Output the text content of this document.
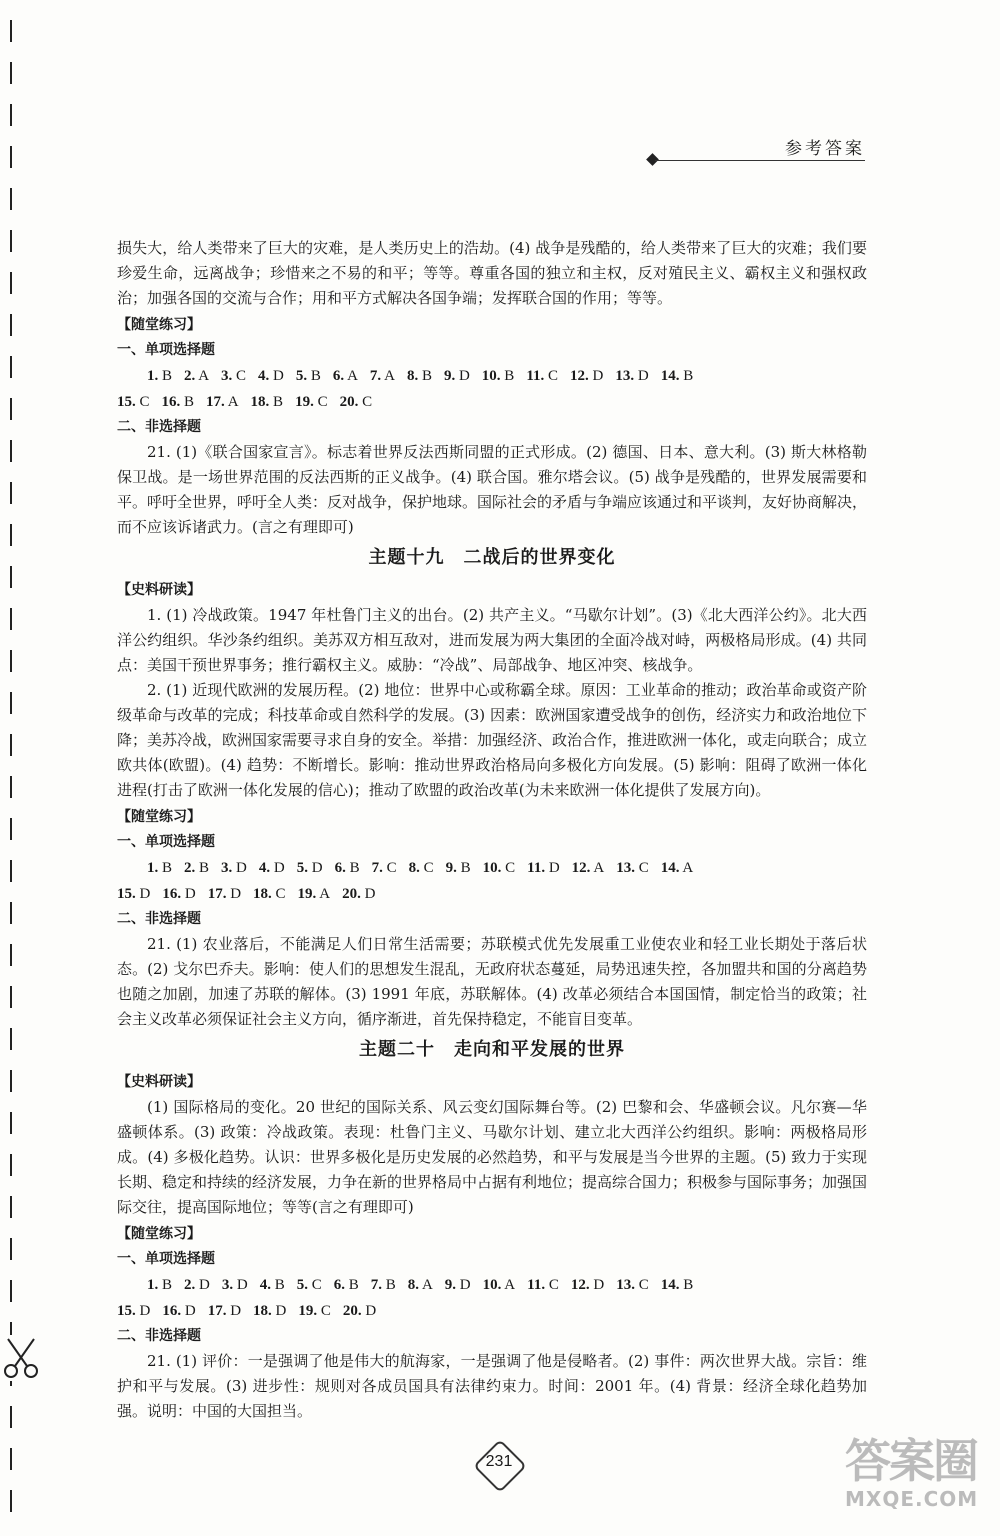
参考答案

损失大，给人类带来了巨大的灾难，是人类历史上的浩劫。(4) 战争是残酷的，给人类带来了巨大的灾难；我们要珍爱生命，远离战争；珍惜来之不易的和平；等等。尊重各国的独立和主权，反对殖民主义、霸权主义和强权政治；加强各国的交流与合作；用和平方式解决各国争端；发挥联合国的作用；等等。

【随堂练习】

一、单项选择题

1. B 2. A 3. C 4. D 5. B 6. A 7. A 8. B 9. D 10. B 11. C 12. D 13. D 14. B
15. C 16. B 17. A 18. B 19. C 20. C

二、非选择题

21. (1)《联合国家宣言》。标志着世界反法西斯同盟的正式形成。(2) 德国、日本、意大利。(3) 斯大林格勒保卫战。是一场世界范围的反法西斯的正义战争。(4) 联合国。雅尔塔会议。(5) 战争是残酷的，世界发展需要和平。呼吁全世界，呼吁全人类：反对战争，保护地球。国际社会的矛盾与争端应该通过和平谈判，友好协商解决，而不应该诉诸武力。(言之有理即可)

主题十九　二战后的世界变化

【史料研读】

1. (1) 冷战政策。1947 年杜鲁门主义的出台。(2) 共产主义。“马歇尔计划”。(3)《北大西洋公约》。北大西洋公约组织。华沙条约组织。美苏双方相互敌对，进而发展为两大集团的全面冷战对峙，两极格局形成。(4) 共同点：美国干预世界事务；推行霸权主义。威胁：“冷战”、局部战争、地区冲突、核战争。

2. (1) 近现代欧洲的发展历程。(2) 地位：世界中心或称霸全球。原因：工业革命的推动；政治革命或资产阶级革命与改革的完成；科技革命或自然科学的发展。(3) 因素：欧洲国家遭受战争的创伤，经济实力和政治地位下降；美苏冷战，欧洲国家需要寻求自身的安全。举措：加强经济、政治合作，推进欧洲一体化，或走向联合；成立欧共体(欧盟)。(4) 趋势：不断增长。影响：推动世界政治格局向多极化方向发展。(5) 影响：阻碍了欧洲一体化进程(打击了欧洲一体化发展的信心)；推动了欧盟的政治改革(为未来欧洲一体化提供了发展方向)。

【随堂练习】

一、单项选择题

1. B 2. B 3. D 4. D 5. D 6. B 7. C 8. C 9. B 10. C 11. D 12. A 13. C 14. A
15. D 16. D 17. D 18. C 19. A 20. D

二、非选择题

21. (1) 农业落后，不能满足人们日常生活需要；苏联模式优先发展重工业使农业和轻工业长期处于落后状态。(2) 戈尔巴乔夫。影响：使人们的思想发生混乱，无政府状态蔓延，局势迅速失控，各加盟共和国的分离趋势也随之加剧，加速了苏联的解体。(3) 1991 年底，苏联解体。(4) 改革必须结合本国国情，制定恰当的政策；社会主义改革必须保证社会主义方向，循序渐进，首先保持稳定，不能盲目变革。

主题二十　走向和平发展的世界

【史料研读】

(1) 国际格局的变化。20 世纪的国际关系、风云变幻国际舞台等。(2) 巴黎和会、华盛顿会议。凡尔赛—华盛顿体系。(3) 政策：冷战政策。表现：杜鲁门主义、马歇尔计划、建立北大西洋公约组织。影响：两极格局形成。(4) 多极化趋势。认识：世界多极化是历史发展的必然趋势，和平与发展是当今世界的主题。(5) 致力于实现长期、稳定和持续的经济发展，力争在新的世界格局中占据有利地位；提高综合国力；积极参与国际事务；加强国际交往，提高国际地位；等等(言之有理即可)

【随堂练习】

一、单项选择题

1. B 2. D 3. D 4. B 5. C 6. B 7. B 8. A 9. D 10. A 11. C 12. D 13. C 14. B
15. D 16. D 17. D 18. D 19. C 20. D

二、非选择题

21. (1) 评价：一是强调了他是伟大的航海家，一是强调了他是侵略者。(2) 事件：两次世界大战。宗旨：维护和平与发展。(3) 进步性：规则对各成员国具有法律约束力。时间：2001 年。(4) 背景：经济全球化趋势加强。说明：中国的大国担当。

231	答案圈
MXQE.COM
